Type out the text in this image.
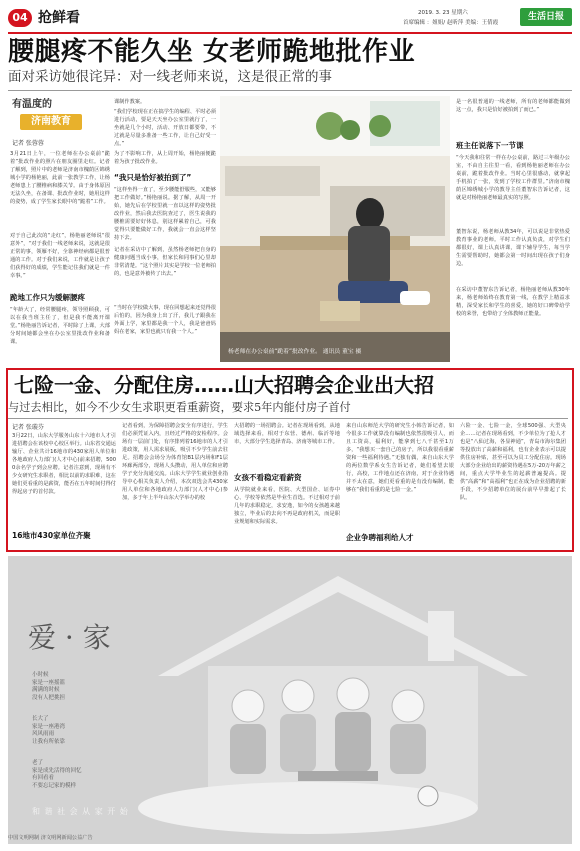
04 抢鲜看	2019. 3. 23 星期六
首席编辑 ：姐姐/ 赵昕萍 美编：王倩霞
生活日报
腰腿疼不能久坐 女老师跪地批作业
面对采访她很诧异：对一线老师来说，这是很正常的事
有温度的
济南教育
记者 张蓉蓉
3月21日上午，一位老师在办公桌前“跪着”批改作业的照片在朋友圈里走红。记者了解到，照片中的老师是济南市槐荫区锦绣城小学的杨艳丽，此前一张教学工作，让杨老师患上了腰椎病和膝关节。由于身体原因无法久坐，在备课、批改作业时，她用这样的姿势，成了学生家长眼中的“跪着”工作。
对于自己此次的“走红”，杨艳丽老师说“很意外”，“对于我们一线老师来说，这就是很正常的事，领雁不好，全靠神经病都是很普通的工作。对于我们来说，工作就是让孩子们获得好的成绩，学生能记住我们就是一件幸事。”
跪地工作只为缓解腰疼
“年龄大了，经常腰腿疼，领导照顾我，可以在我当班主任了，但是我不能离开课堂。”杨艳丽告诉记者，平时除了上课，大部分时间她都会坐在办公室里批改作业和备课。
课制作教案。
“我们学校现在正在搞学生的编程、平时必须进行活动，要是天天坐办公室里就行了，一坐就是几个小时，活动、开放日都要带，不过就是尽量多准备一些工作，让自己好受一点。”
为了不影响工作，从上周开始，杨艳丽便跪着为孩子批改作业。
“我只是恰好被拍到了”
“这样坐得一直了，至少腰能舒服些，又能够把工作做好。”杨艳丽说。据了解，从周一开始，她先后在学校里就一直以这样的姿势批改作业，然后我去医院查过了，医生说我的腰椎需要好好休息，别这样累着自己，可我觉得只要能做好工作，我就会一直会这样坚持下去。
记者在采访中了解到，虽然杨老师把自身的健康问题当成小事，但家长和同事们心里却非常清楚。“这个照片其实是学校一位老师拍的，也是意外被传了出去。”
“当时在学校做大事，现在回想起来还觉得很后怕的，因为我身上出了汗，我儿子跟我在外面上学，家里都是我一个人，我是爸爸妈妈在老家，家里也就只有我一个人。”
杨老师在办公桌前“跪着”批改作业。 通讯员 董宝 摄
是一名很普通的一线老师，所有的老师都能做到这一点，我只是恰好被拍到了而已。”
班主任说落下一节课
“今天我和往常一样在办公桌前，路过三年级办公室，不由自主往里一看，看到杨艳丽老师在办公桌前，跪着批改作业。当时心里很感动，就拿起手机拍了一张，发到了学校工作群里。”济南市槐荫区锦绣城小学的教导主任董智东告诉记者，这就是对杨艳丽老师最真实的写照。
董智东说，杨老师从教34年，可以说是非常热爱教育事业的老师。平时工作认真负责，对学生们都很好，课上认真讲课，课下辅导学生，每当学生需要帮助时，她都会第一时间出现在孩子们身边。
在采访中董智东告诉记者，杨艳丽老师从教30年来，杨老师始终在教育第一线，在教学上精益求精，深受家长和学生的喜爱，她的好口碑带给学校的荣誉，也带给了全体教师正能量。
七险一金、分配住房……山大招聘会企业出大招
与过去相比，如今不少女生求职更看重薪资，要求5年内能付房子首付
记者 张璇芬
3月22日，山东大学服务山东十六地市人才引进招聘会在该校中心校区举行。山东省交通运输厅、企业共计16地市的430家用人单位和各地政府人力部门(人才中心)前来招聘，5000余名学子到会应聘。记者注意到，现场有不少女研究生求职者，相比以前的求职难，这在她们更看重的是薪资，能否在五年时间付得付得起房子的首付款。
16地市430家单位齐聚
记者看到，为保障招聘会安全有序进行，学生们必须凭证入内，且经过严格的安检程序。会场有一层前门处，有序排列着16地市的人才引进政策，用人需求展板，吸引不少学生前去驻足。招聘会会场分为体育馆B1层内场和F1层环廊两部分，现场人头攒动，用人单位和应聘学子充分沟通交流。山东大学学生就业创业指导中心相关负责人介绍，本次双选会共430家用人单位和各地政府人力部门(人才中心)参加，多于年上半年山东大学举办的校
大招聘的一场招聘会。记者在现场看到，从地域选择来看，相对于东营、德州、临沂等地市，大部分学生选择青岛、济南等城市工作。
女孩不看稳定看薪资
从学院就业来看，医院、大型国企、证券中心、学校等依然是毕业生首选。不过相对于前几年的求职稳定，求安逸，如今的女孩越来越独立，毕业后的去向不再是政府机关，而是职业规划和实际需求。
来自山东师范大学的研究生小韩告诉记者，如今很多工作就算没有编制也依然很吸引人，而且工资高，福利好，能拿到七八千甚至1万多，“我想买一套自己的房子，所以我很看重薪资和一些福利待遇。”无独有偶，来自山东大学的两位数学系女生告诉记者，她们希望去银行，高校，工作地点还在济南，对于企业待遇并不太在意，她们更看重的是有没有编制，能够在“我们看重的是七险一金。”
企业争聘福利给人才
六险一金、七险一金，全球500强、大型央企……记者在现场看到，不少单位为了抢人才也是“八仙过海，各显神通”，青岛市海尔集团等投放出了高薪和福利，也有企业表示可以提供住房补贴，甚至可以为员工分配住房。现场大部分企业给出的薪资待遇在5万-20万年薪之间，重点大学毕业生的起薪普遍提高。提供“高薪”和“高福利”也正在成为企业招聘的新手段，不少招聘单位的展台前早早排起了长队。
爱 · 家
小时候
家是一座摇篮
满满的时候
没有人把挑担
长大了
家是一座港湾
风风雨雨
让我有所依靠
老了
家是成先活得的回忆
有回看看
不要忘记家的模样
和 谐 社 会 从 家 开 始
中国文明网制 济文明网新闻公益广告
